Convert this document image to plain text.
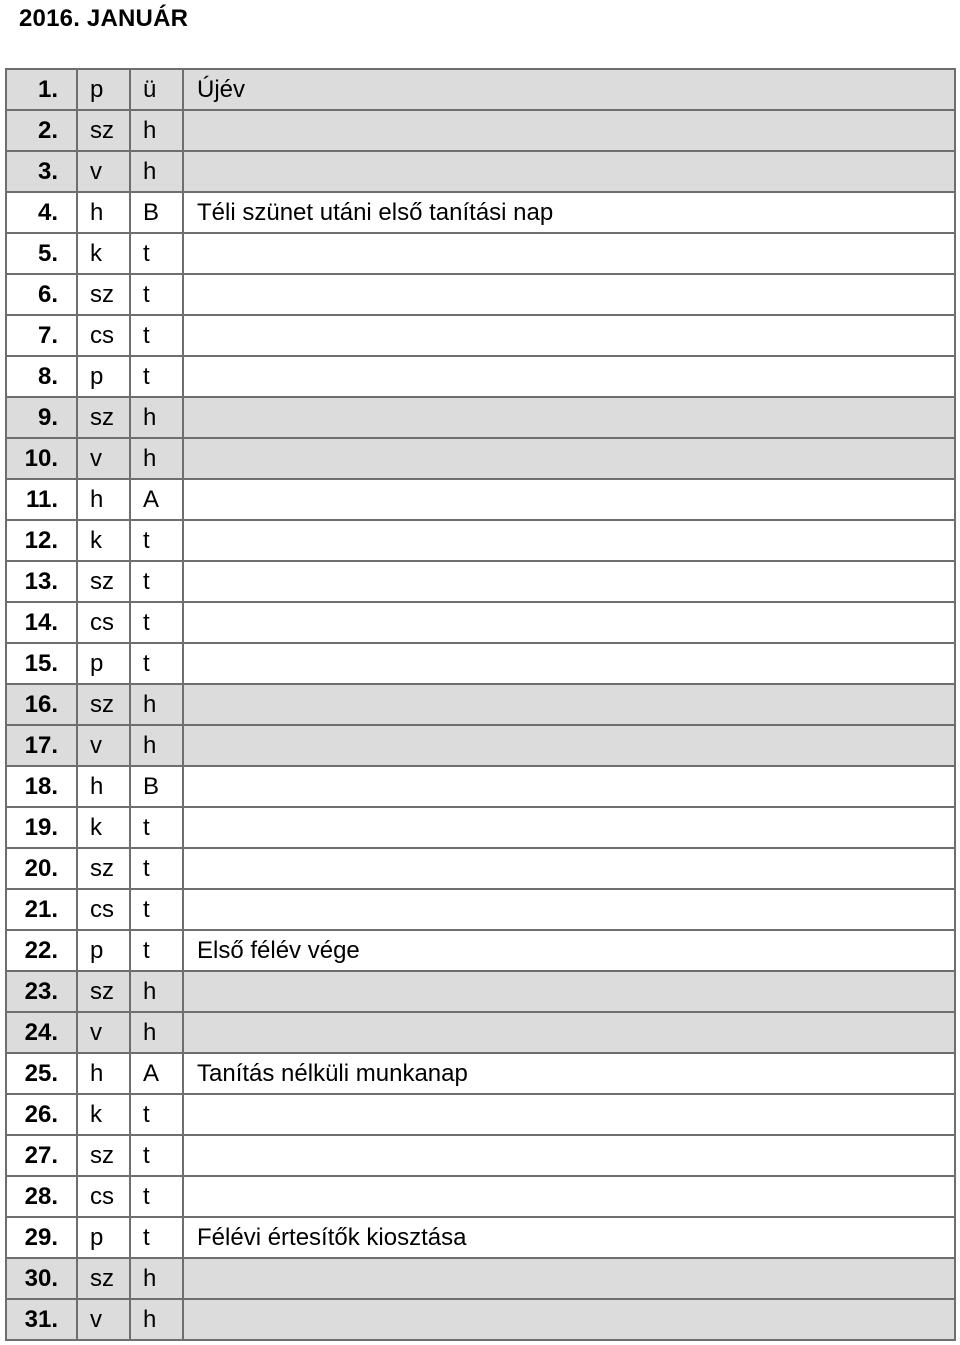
2016. JANUÁR
1.	p	ü	Újév
2.	sz	h	
3.	v	h	
4.	h	B	Téli szünet utáni első tanítási nap
5.	k	t	
6.	sz	t	
7.	cs	t	
8.	p	t	
9.	sz	h	
10.	v	h	
11.	h	A	
12.	k	t	
13.	sz	t	
14.	cs	t	
15.	p	t	
16.	sz	h	
17.	v	h	
18.	h	B	
19.	k	t	
20.	sz	t	
21.	cs	t	
22.	p	t	Első félév vége
23.	sz	h	
24.	v	h	
25.	h	A	Tanítás nélküli munkanap
26.	k	t	
27.	sz	t	
28.	cs	t	
29.	p	t	Félévi értesítők kiosztása
30.	sz	h	
31.	v	h	
